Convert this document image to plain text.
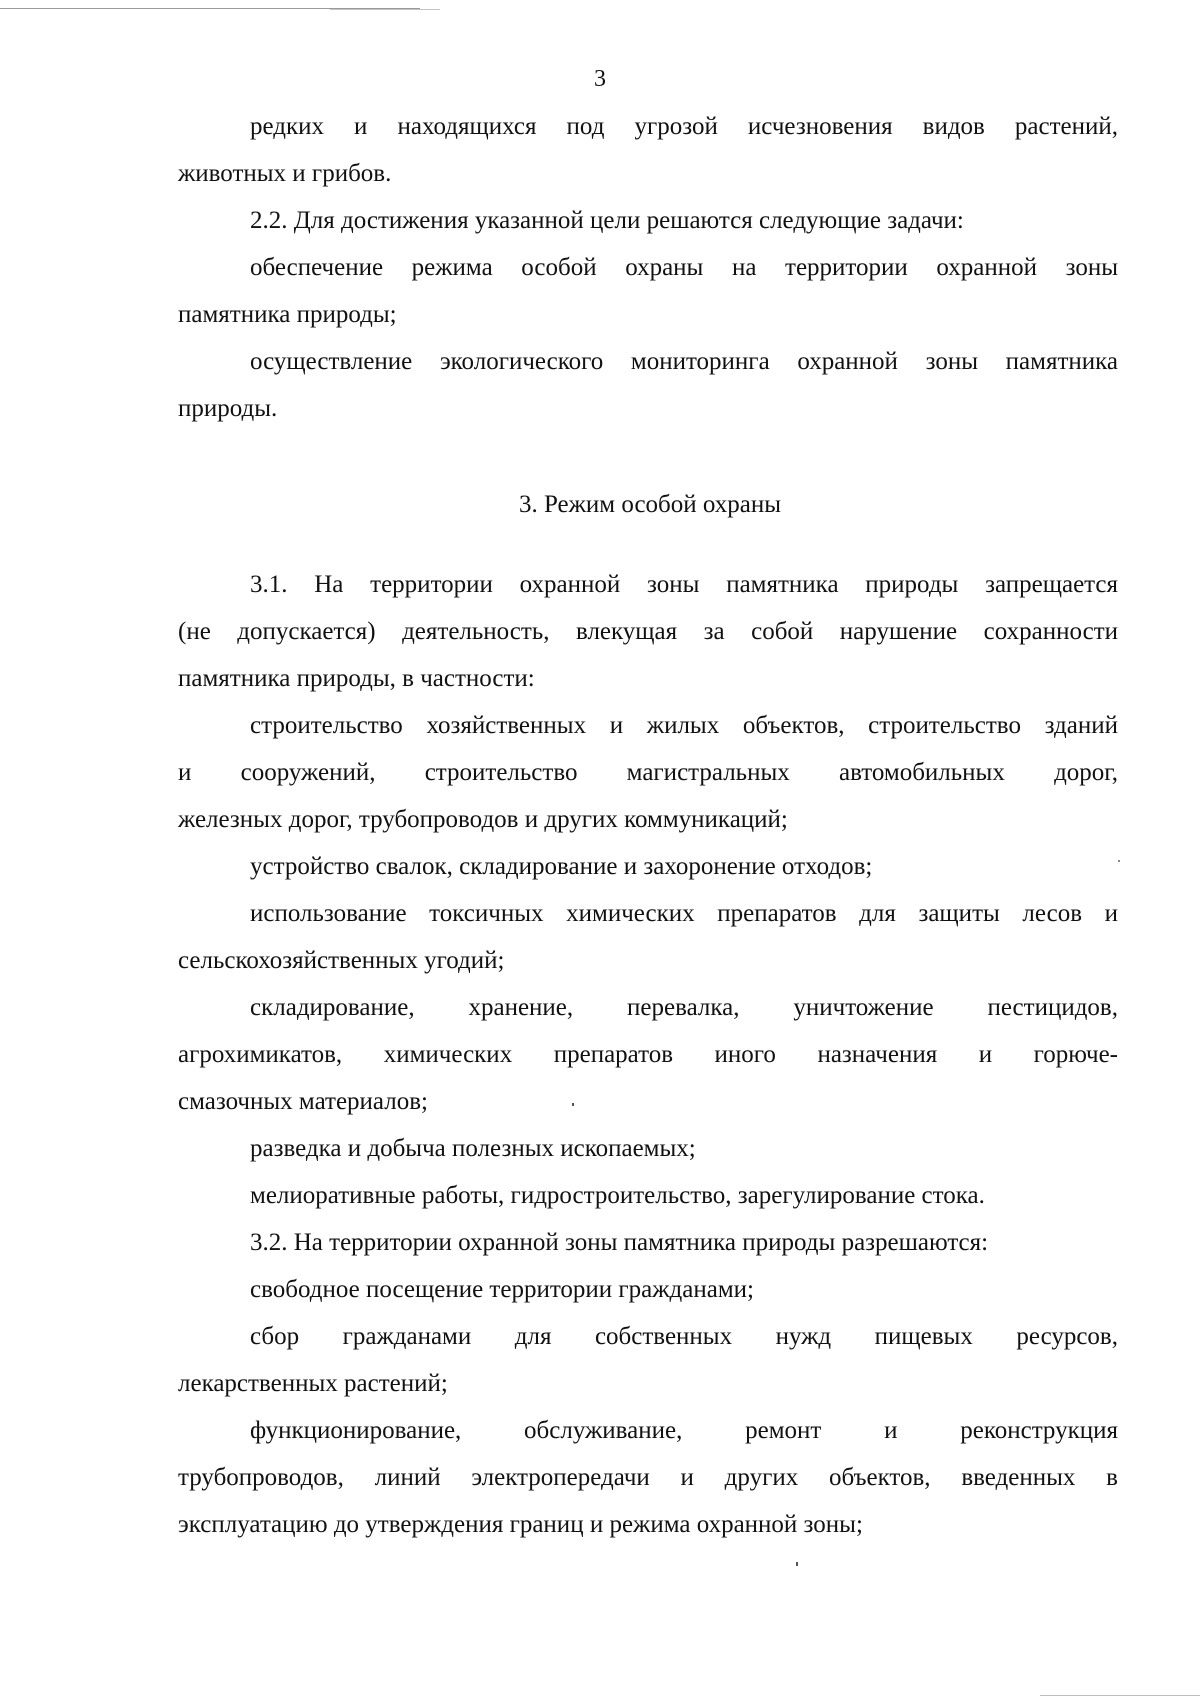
3
редких и находящихся под угрозой исчезновения видов растений,
животных и грибов.
2.2. Для достижения указанной цели решаются следующие задачи:
обеспечение режима особой охраны на территории охранной зоны
памятника природы;
осуществление экологического мониторинга охранной зоны памятника
природы.
3. Режим особой охраны
3.1. На территории охранной зоны памятника природы запрещается
(не допускается) деятельность, влекущая за собой нарушение сохранности
памятника природы, в частности:
строительство хозяйственных и жилых объектов, строительство зданий
и сооружений, строительство магистральных автомобильных дорог,
железных дорог, трубопроводов и других коммуникаций;
устройство свалок, складирование и захоронение отходов;
использование токсичных химических препаратов для защиты лесов и
сельскохозяйственных угодий;
складирование, хранение, перевалка, уничтожение пестицидов,
агрохимикатов, химических препаратов иного назначения и горюче-
смазочных материалов;
разведка и добыча полезных ископаемых;
мелиоративные работы, гидростроительство, зарегулирование стока.
3.2. На территории охранной зоны памятника природы разрешаются:
свободное посещение территории гражданами;
сбор гражданами для собственных нужд пищевых ресурсов,
лекарственных растений;
функционирование, обслуживание, ремонт и реконструкция
трубопроводов, линий электропередачи и других объектов, введенных в
эксплуатацию до утверждения границ и режима охранной зоны;
